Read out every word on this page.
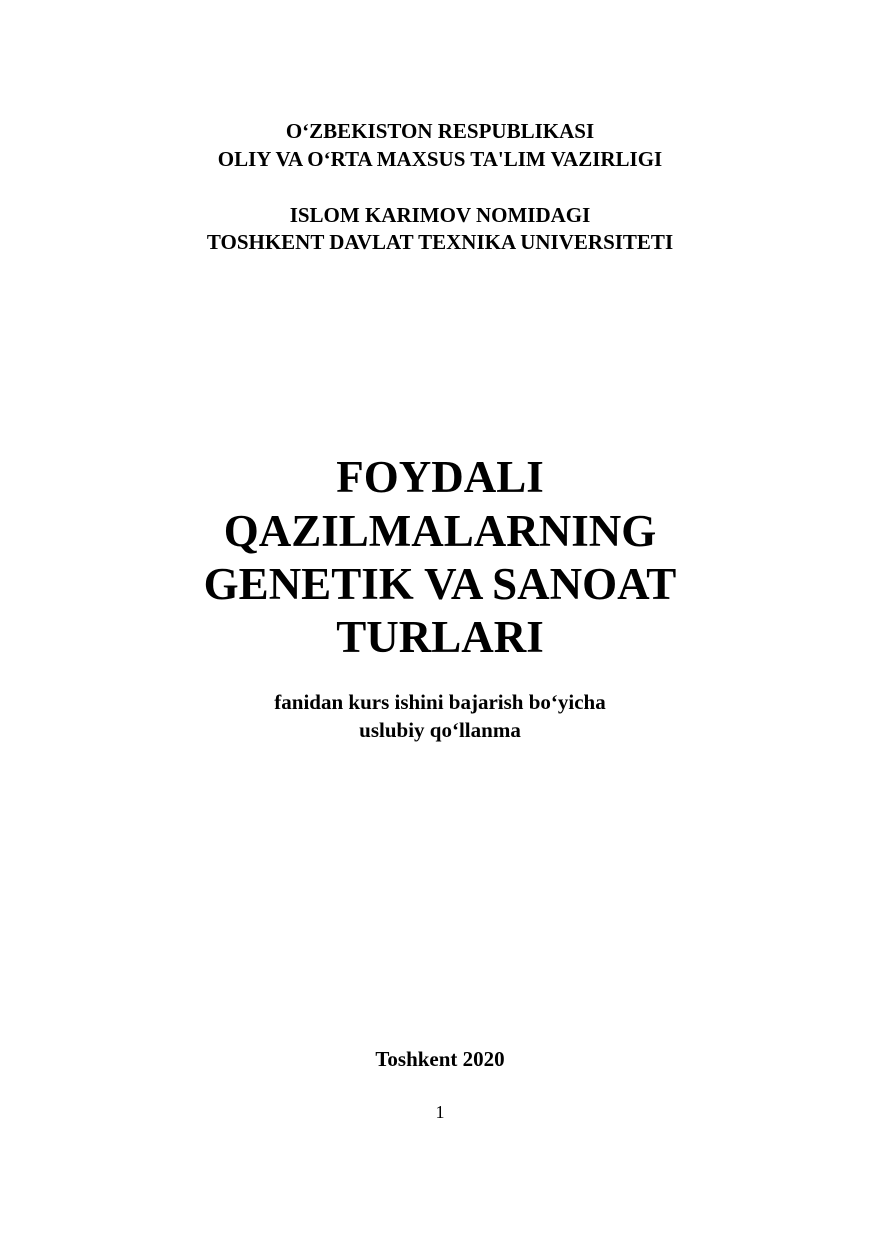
O‘ZBEKISTON RESPUBLIKASI
OLIY VA O‘RTA MAXSUS TA'LIM VAZIRLIGI
ISLOM KARIMOV NOMIDAGI
TOSHKENT DAVLAT TEXNIKA UNIVERSITETI
FOYDALI
QAZILMALARNING
GENETIK VA SANOAT
TURLARI
fanidan kurs ishini bajarish bo‘yicha
uslubiy qo‘llanma
Toshkent 2020
1
